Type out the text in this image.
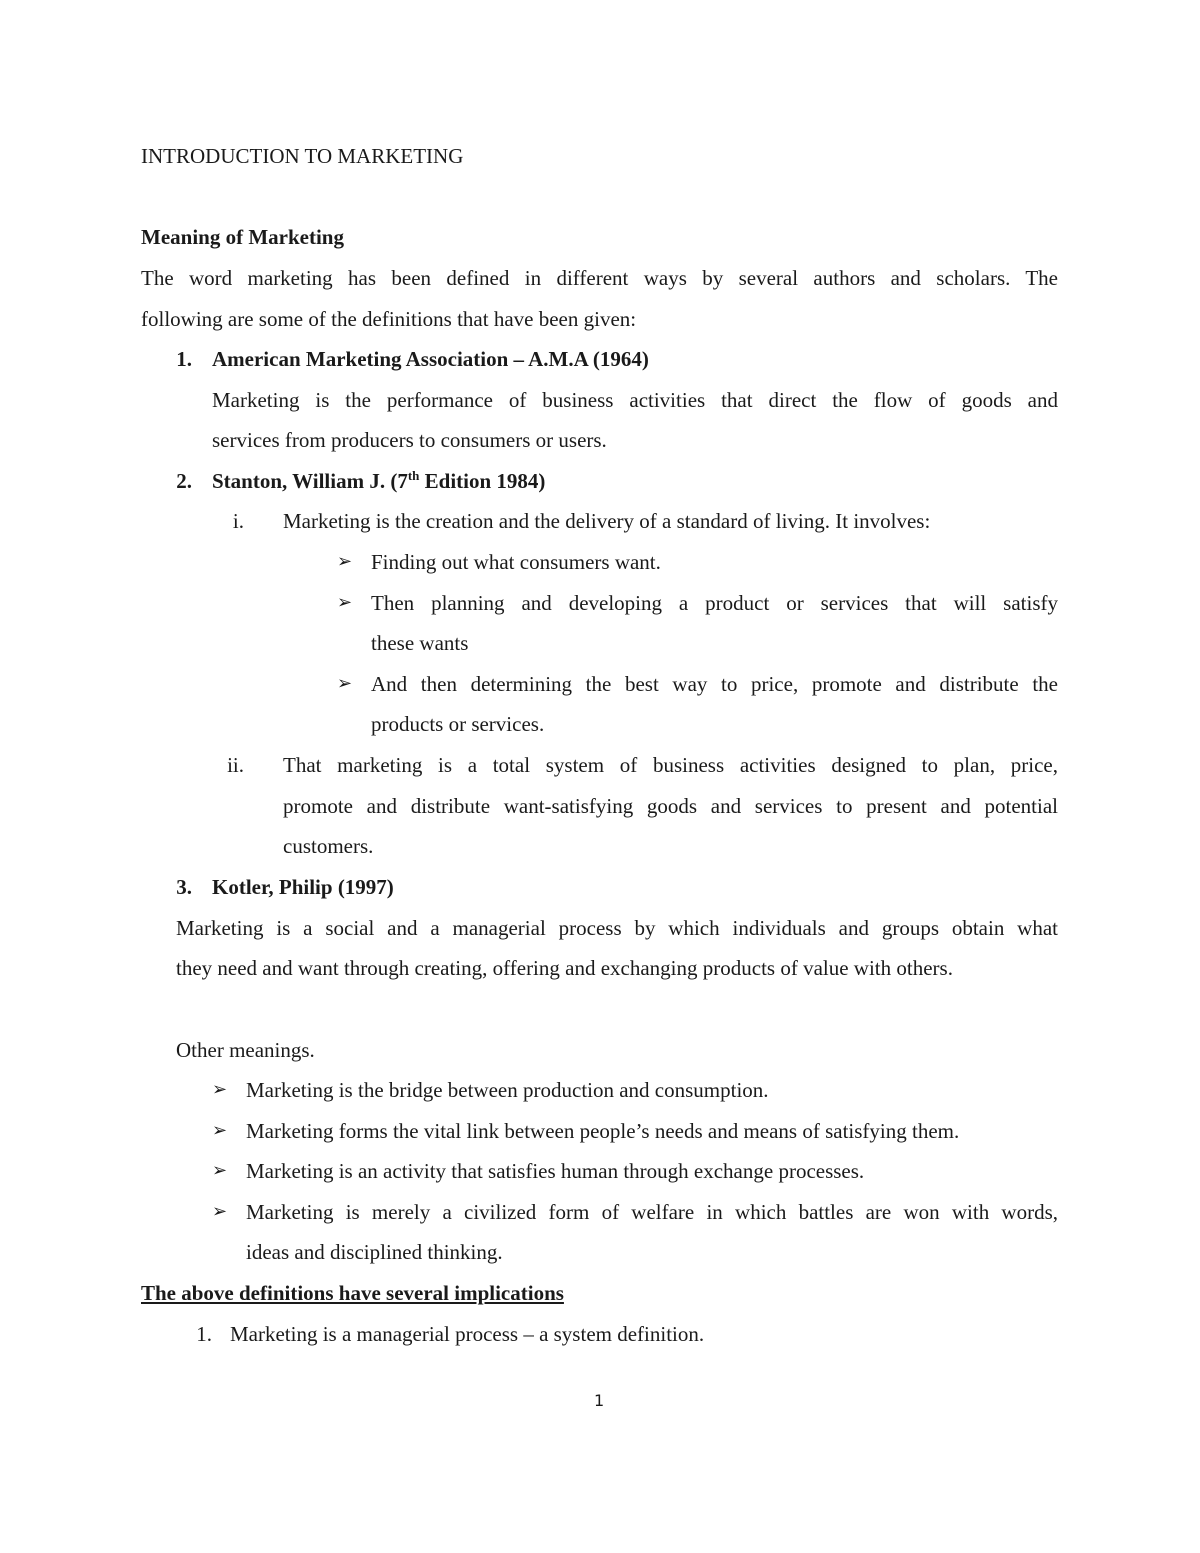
INTRODUCTION TO MARKETING
Meaning of Marketing
The word marketing has been defined in different ways by several authors and scholars. The
following are some of the definitions that have been given:
1. American Marketing Association – A.M.A (1964)
Marketing is the performance of business activities that direct the flow of goods and
services from producers to consumers or users.
2. Stanton, William J. (7th Edition 1984)
i. Marketing is the creation and the delivery of a standard of living. It involves:
➢ Finding out what consumers want.
➢ Then planning and developing a product or services that will satisfy
these wants
➢ And then determining the best way to price, promote and distribute the
products or services.
ii. That marketing is a total system of business activities designed to plan, price,
promote and distribute want-satisfying goods and services to present and potential
customers.
3. Kotler, Philip (1997)
Marketing is a social and a managerial process by which individuals and groups obtain what
they need and want through creating, offering and exchanging products of value with others.
Other meanings.
➢ Marketing is the bridge between production and consumption.
➢ Marketing forms the vital link between people’s needs and means of satisfying them.
➢ Marketing is an activity that satisfies human through exchange processes.
➢ Marketing is merely a civilized form of welfare in which battles are won with words,
ideas and disciplined thinking.
The above definitions have several implications
1. Marketing is a managerial process – a system definition.
1
